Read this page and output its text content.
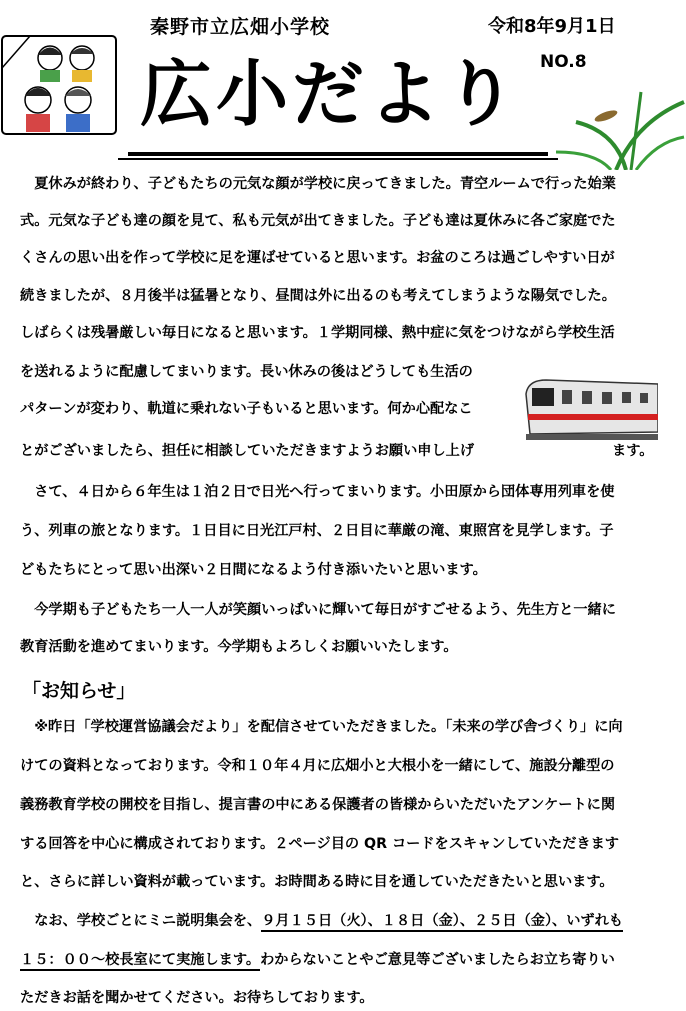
秦野市立広畑小学校	令和8年9月1日
NO.8
広小だより
　夏休みが終わり、子どもたちの元気な顔が学校に戻ってきました。青空ルームで行った始業
式。元気な子ども達の顔を見て、私も元気が出てきました。子ども達は夏休みに各ご家庭でた
くさんの思い出を作って学校に足を運ばせていると思います。お盆のころは過ごしやすい日が
続きましたが、８月後半は猛暑となり、昼間は外に出るのも考えてしまうような陽気でした。
しばらくは残暑厳しい毎日になると思います。１学期同様、熱中症に気をつけながら学校生活
を送れるように配慮してまいります。長い休みの後はどうしても生活の
パターンが変わり、軌道に乗れない子もいると思います。何か心配なこ
とがございましたら、担任に相談していただきますようお願い申し上げ	ます。
　さて、４日から６年生は１泊２日で日光へ行ってまいります。小田原から団体専用列車を使
う、列車の旅となります。１日目に日光江戸村、２日目に華厳の滝、東照宮を見学します。子
どもたちにとって思い出深い２日間になるよう付き添いたいと思います。
　今学期も子どもたち一人一人が笑顔いっぱいに輝いて毎日がすごせるよう、先生方と一緒に
教育活動を進めてまいります。今学期もよろしくお願いいたします。
「お知らせ」
　※昨日「学校運営協議会だより」を配信させていただきました。「未来の学び舎づくり」に向
けての資料となっております。令和１０年４月に広畑小と大根小を一緒にして、施設分離型の
義務教育学校の開校を目指し、提言書の中にある保護者の皆様からいただいたアンケートに関
する回答を中心に構成されております。２ページ目の QR コードをスキャンしていただきます
と、さらに詳しい資料が載っています。お時間ある時に目を通していただきたいと思います。
　なお、学校ごとにミニ説明集会を、９月１５日（火）、１８日（金）、２５日（金）、いずれも
１５：００～校長室にて実施します。わからないことやご意見等ございましたらお立ち寄りい
ただきお話を聞かせてください。お待ちしております。
